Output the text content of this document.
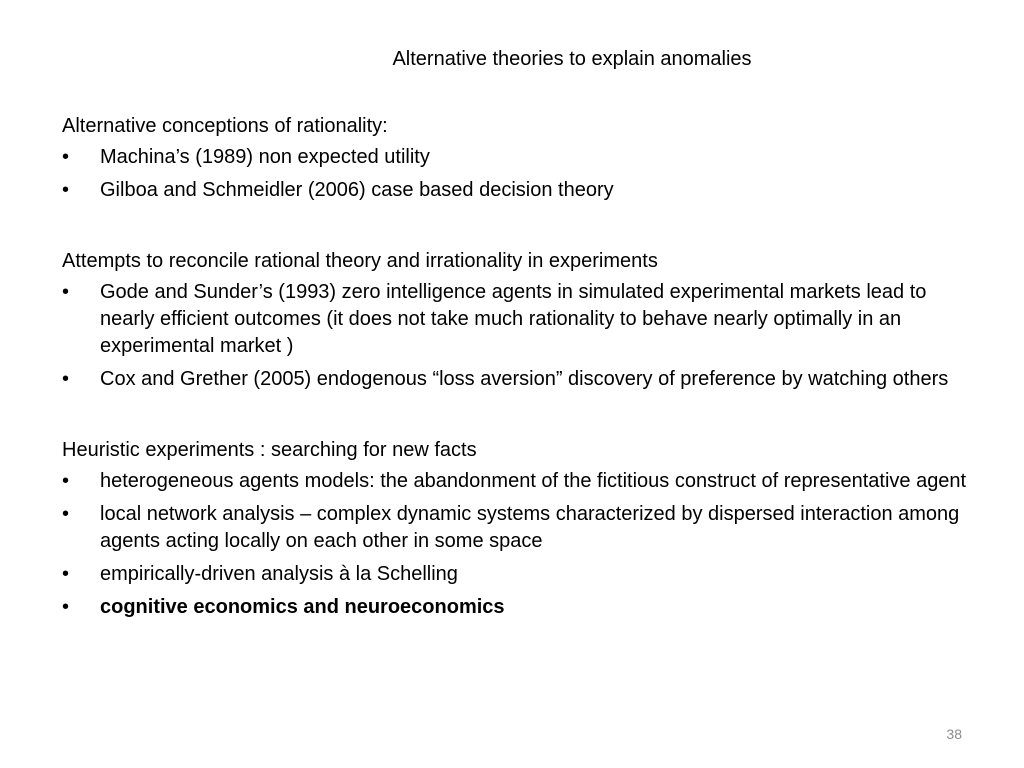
Alternative theories to explain anomalies

Alternative conceptions of rationality:

• Machina’s (1989) non expected utility
• Gilboa and Schmeidler (2006) case based decision theory

Attempts to reconcile rational theory and irrationality in experiments

• Gode and Sunder’s (1993) zero intelligence agents in simulated experimental markets lead to nearly efficient outcomes (it does not take much rationality to behave nearly optimally in an experimental market )
• Cox and Grether (2005) endogenous “loss aversion” discovery of preference by watching others

Heuristic experiments : searching for new facts

• heterogeneous agents models: the abandonment of the fictitious construct of representative agent
• local network analysis – complex dynamic systems characterized by dispersed interaction among agents acting locally on each other in some space
• empirically-driven analysis à la Schelling
• cognitive economics and neuroeconomics
38
